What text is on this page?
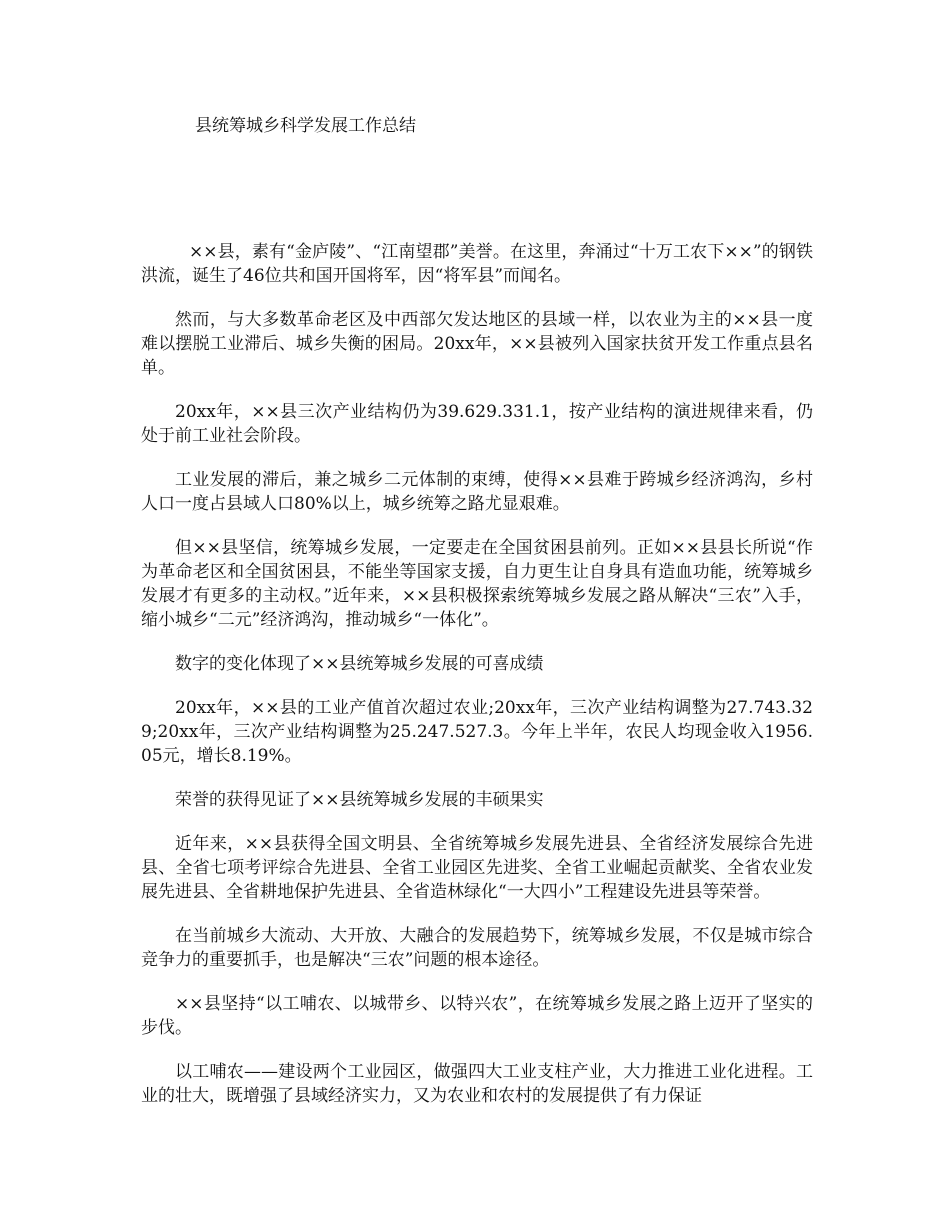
县统筹城乡科学发展工作总结

××县，素有“金庐陵”、“江南望郡”美誉。在这里，奔涌过“十万工农下××”的钢铁洪流，诞生了46位共和国开国将军，因“将军县”而闻名。

然而，与大多数革命老区及中西部欠发达地区的县域一样，以农业为主的××县一度难以摆脱工业滞后、城乡失衡的困局。20xx年，××县被列入国家扶贫开发工作重点县名单。

20xx年，××县三次产业结构仍为39.629.331.1，按产业结构的演进规律来看，仍处于前工业社会阶段。

工业发展的滞后，兼之城乡二元体制的束缚，使得××县难于跨城乡经济鸿沟，乡村人口一度占县域人口80%以上，城乡统筹之路尤显艰难。

但××县坚信，统筹城乡发展，一定要走在全国贫困县前列。正如××县县长所说“作为革命老区和全国贫困县，不能坐等国家支援，自力更生让自身具有造血功能，统筹城乡发展才有更多的主动权。”近年来，××县积极探索统筹城乡发展之路从解决“三农”入手，缩小城乡“二元”经济鸿沟，推动城乡“一体化”。

数字的变化体现了××县统筹城乡发展的可喜成绩

20xx年，××县的工业产值首次超过农业;20xx年，三次产业结构调整为27.743.329;20xx年，三次产业结构调整为25.247.527.3。今年上半年，农民人均现金收入1956.05元，增长8.19%。

荣誉的获得见证了××县统筹城乡发展的丰硕果实

近年来，××县获得全国文明县、全省统筹城乡发展先进县、全省经济发展综合先进县、全省七项考评综合先进县、全省工业园区先进奖、全省工业崛起贡献奖、全省农业发展先进县、全省耕地保护先进县、全省造林绿化“一大四小”工程建设先进县等荣誉。

在当前城乡大流动、大开放、大融合的发展趋势下，统筹城乡发展，不仅是城市综合竞争力的重要抓手，也是解决“三农”问题的根本途径。

××县坚持“以工哺农、以城带乡、以特兴农”，在统筹城乡发展之路上迈开了坚实的步伐。

以工哺农——建设两个工业园区，做强四大工业支柱产业，大力推进工业化进程。工业的壮大，既增强了县域经济实力，又为农业和农村的发展提供了有力保证
